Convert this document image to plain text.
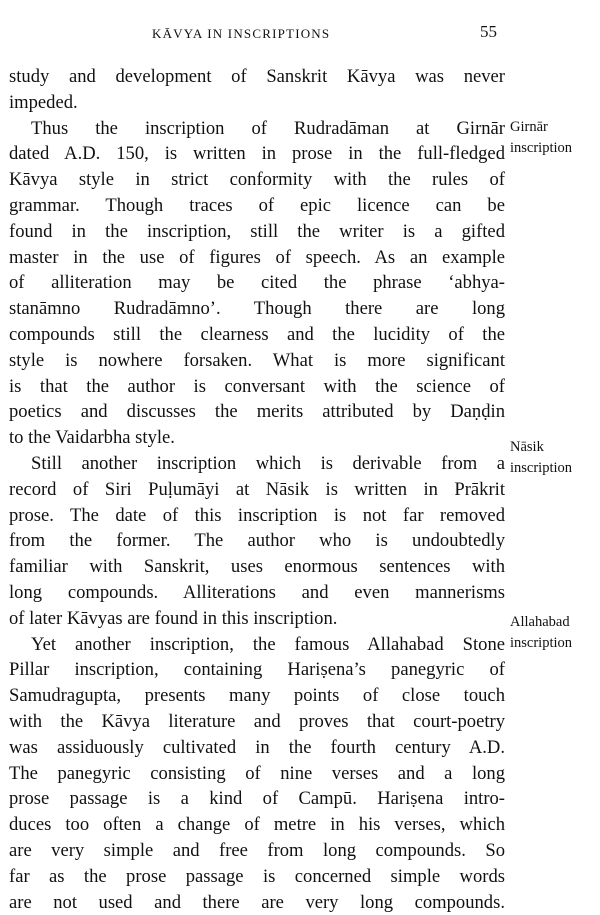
KĀVYA IN INSCRIPTIONS	55
study and development of Sanskrit Kāvya was never
impeded.
Thus the inscription of Rudradāman at Girnār
dated A.D. 150, is written in prose in the full-fledged
Kāvya style in strict conformity with the rules of
grammar. Though traces of epic licence can be
found in the inscription, still the writer is a gifted
master in the use of figures of speech. As an example
of alliteration may be cited the phrase ‘abhya-
stanāmno Rudradāmno’. Though there are long
compounds still the clearness and the lucidity of the
style is nowhere forsaken. What is more significant
is that the author is conversant with the science of
poetics and discusses the merits attributed by Daṇḍin
to the Vaidarbha style.
Still another inscription which is derivable from a
record of Siri Puḷumāyi at Nāsik is written in Prākrit
prose. The date of this inscription is not far removed
from the former. The author who is undoubtedly
familiar with Sanskrit, uses enormous sentences with
long compounds. Alliterations and even mannerisms
of later Kāvyas are found in this inscription.
Yet another inscription, the famous Allahabad Stone
Pillar inscription, containing Hariṣena’s panegyric of
Samudragupta, presents many points of close touch
with the Kāvya literature and proves that court-poetry
was assiduously cultivated in the fourth century A.D.
The panegyric consisting of nine verses and a long
prose passage is a kind of Campū. Hariṣena intro-
duces too often a change of metre in his verses, which
are very simple and free from long compounds. So
far as the prose passage is concerned simple words
are not used and there are very long compounds.
Girnār
inscription
Nāsik
inscription
Allahabad
inscription
